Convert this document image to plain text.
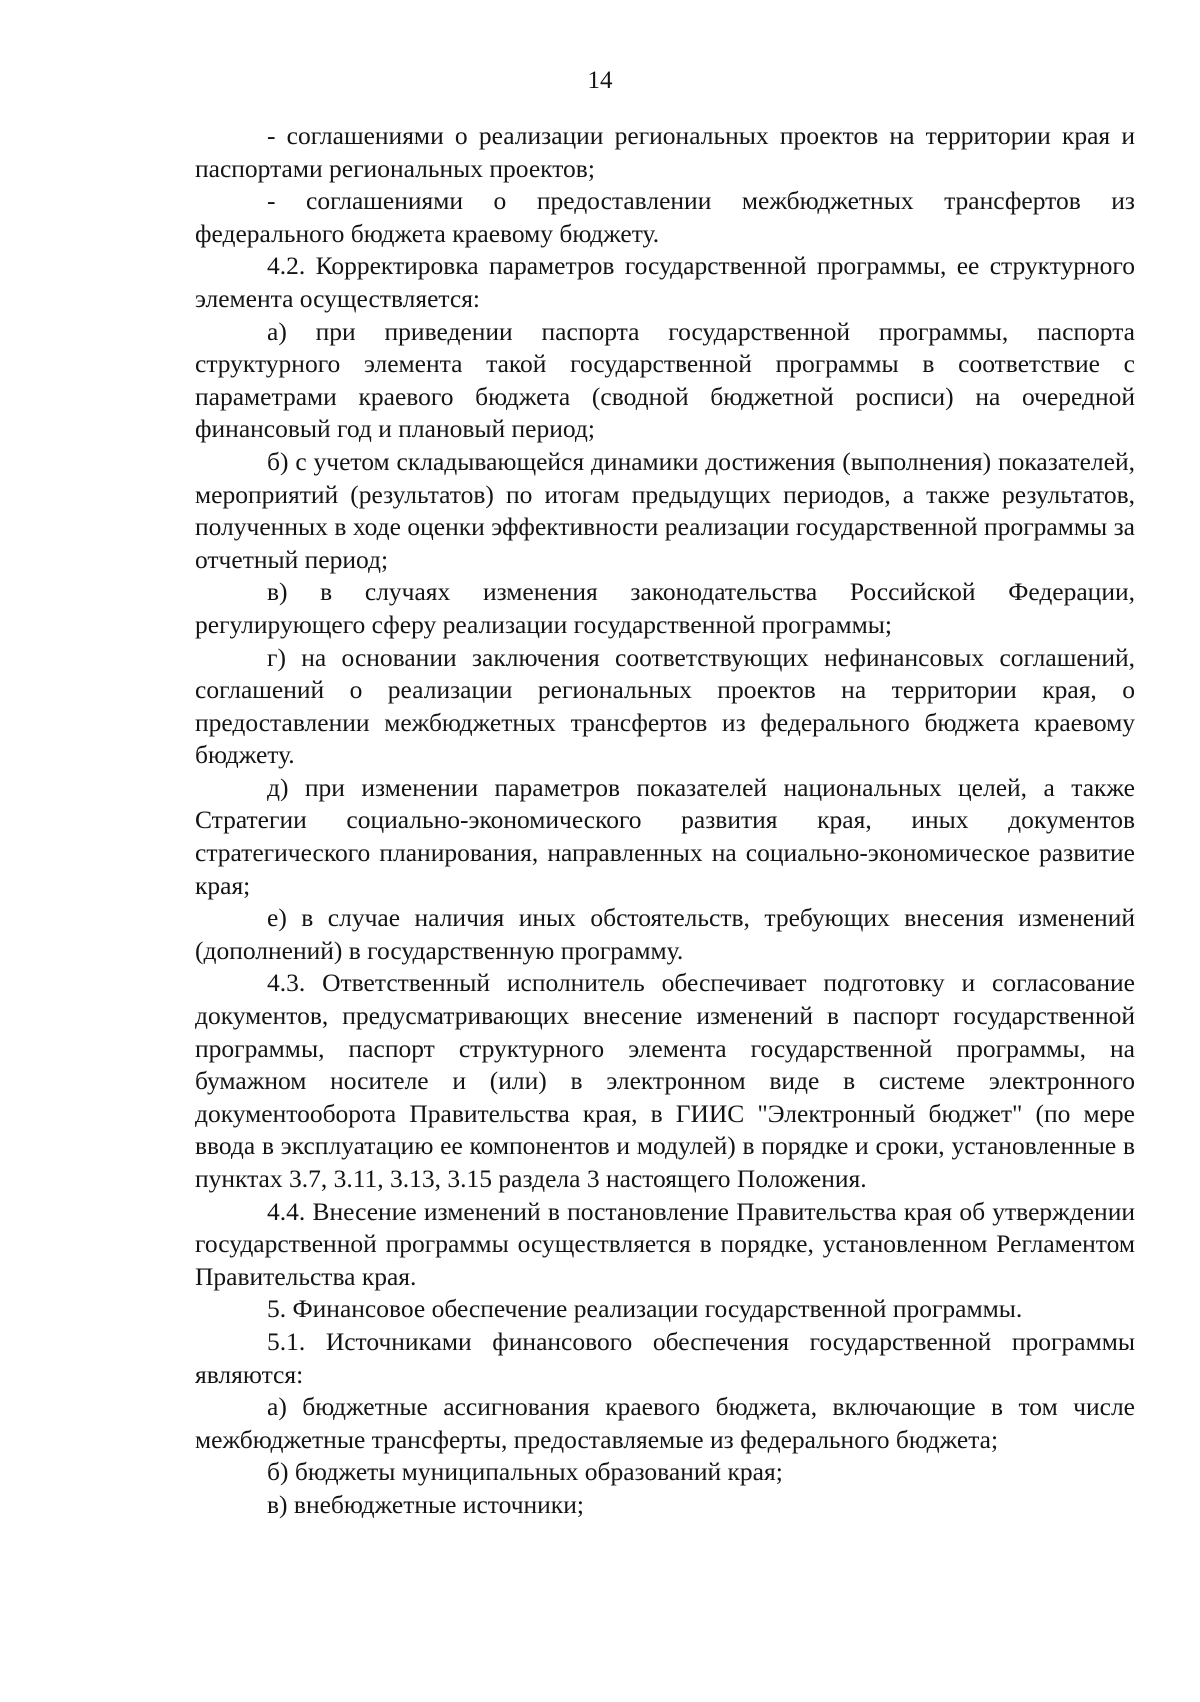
14

- соглашениями о реализации региональных проектов на территории края и паспортами региональных проектов;

- соглашениями о предоставлении межбюджетных трансфертов из федерального бюджета краевому бюджету.

4.2. Корректировка параметров государственной программы, ее структурного элемента осуществляется:

а) при приведении паспорта государственной программы, паспорта структурного элемента такой государственной программы в соответствие с параметрами краевого бюджета (сводной бюджетной росписи) на очередной финансовый год и плановый период;

б) с учетом складывающейся динамики достижения (выполнения) показателей, мероприятий (результатов) по итогам предыдущих периодов, а также результатов, полученных в ходе оценки эффективности реализации государственной программы за отчетный период;

в) в случаях изменения законодательства Российской Федерации, регулирующего сферу реализации государственной программы;

г) на основании заключения соответствующих нефинансовых соглашений, соглашений о реализации региональных проектов на территории края, о предоставлении межбюджетных трансфертов из федерального бюджета краевому бюджету.

д) при изменении параметров показателей национальных целей, а также Стратегии социально-экономического развития края, иных документов стратегического планирования, направленных на социально-экономическое развитие края;

е) в случае наличия иных обстоятельств, требующих внесения изменений (дополнений) в государственную программу.

4.3. Ответственный исполнитель обеспечивает подготовку и согласование документов, предусматривающих внесение изменений в паспорт государственной программы, паспорт структурного элемента государственной программы, на бумажном носителе и (или) в электронном виде в системе электронного документооборота Правительства края, в ГИИС "Электронный бюджет" (по мере ввода в эксплуатацию ее компонентов и модулей) в порядке и сроки, установленные в пунктах 3.7, 3.11, 3.13, 3.15 раздела 3 настоящего Положения.

4.4. Внесение изменений в постановление Правительства края об утверждении государственной программы осуществляется в порядке, установленном Регламентом Правительства края.

5. Финансовое обеспечение реализации государственной программы.

5.1. Источниками финансового обеспечения государственной программы являются:

а) бюджетные ассигнования краевого бюджета, включающие в том числе межбюджетные трансферты, предоставляемые из федерального бюджета;

б) бюджеты муниципальных образований края;

в) внебюджетные источники;
